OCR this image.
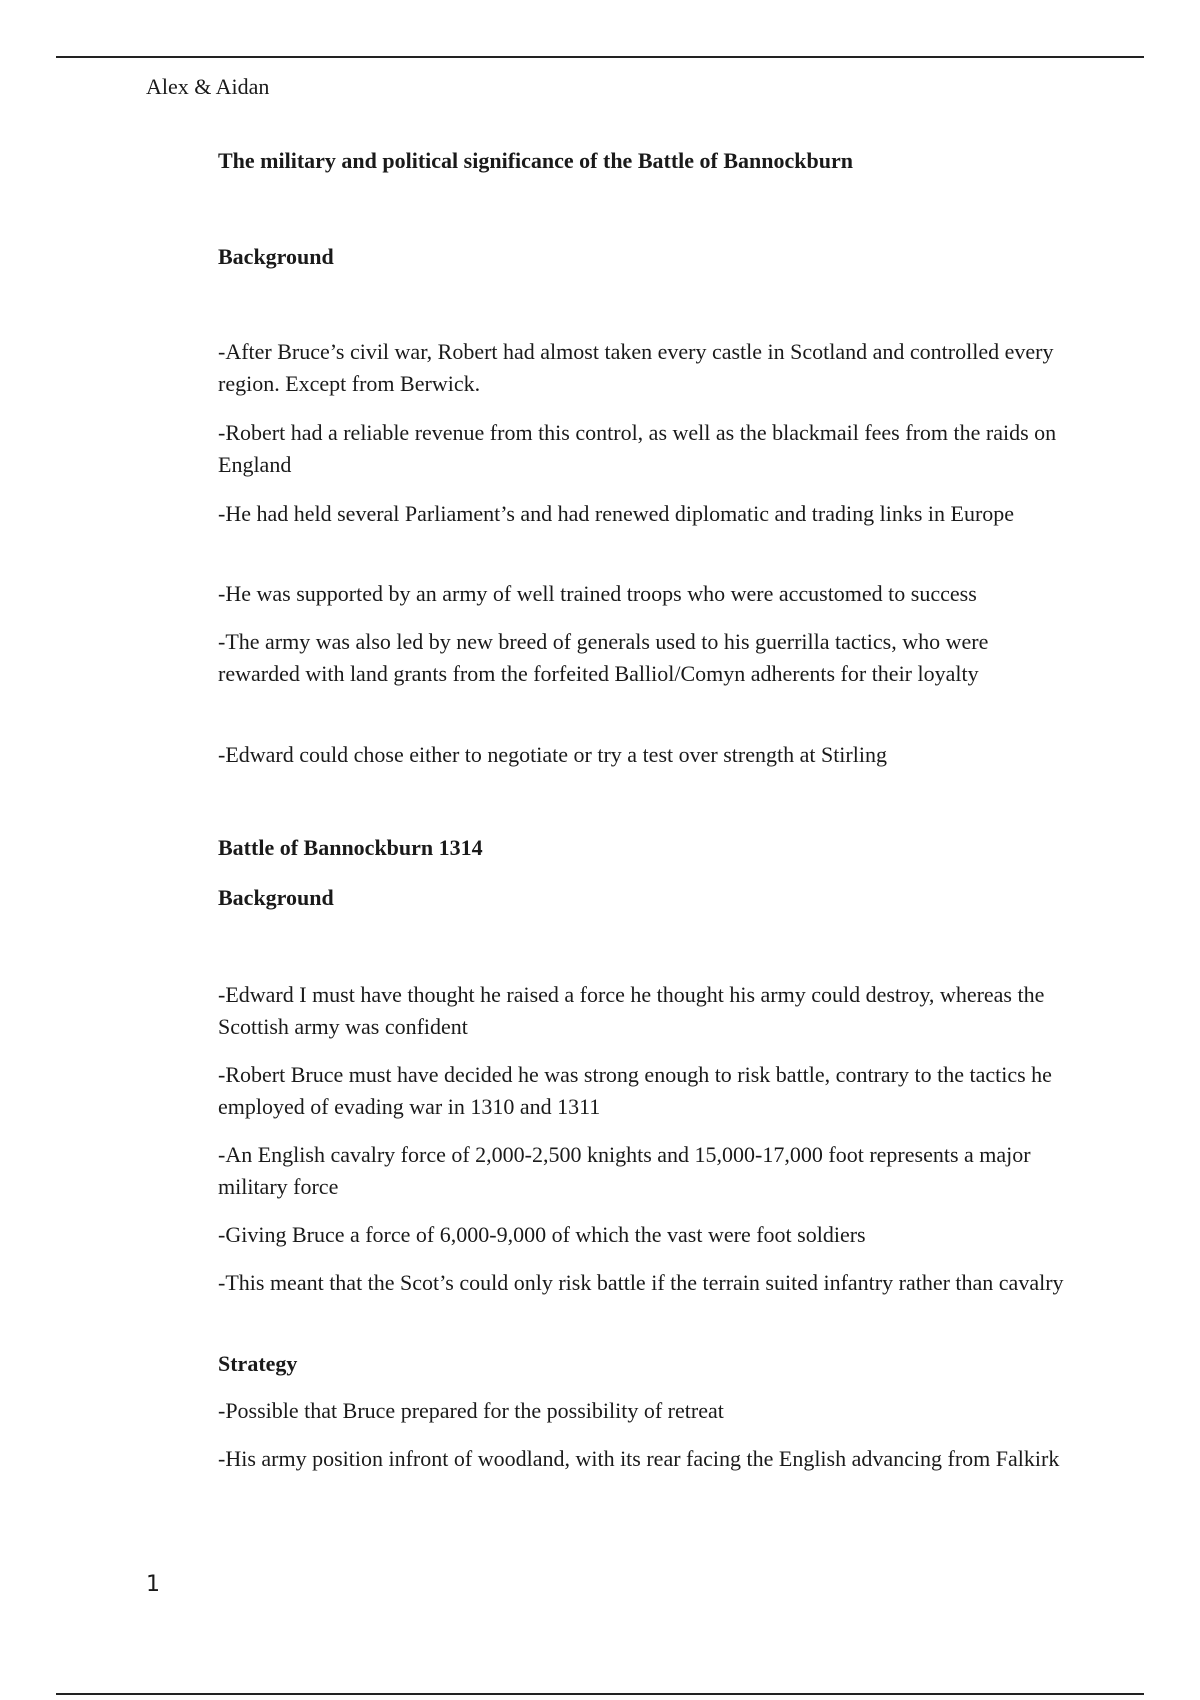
Alex & Aidan

The military and political significance of the Battle of Bannockburn
Background

-After Bruce’s civil war, Robert had almost taken every castle in Scotland and controlled every region. Except from Berwick.

-Robert had a reliable revenue from this control, as well as the blackmail fees from the raids on England

-He had held several Parliament’s and had renewed diplomatic and trading links in Europe

-He was supported by an army of well trained troops who were accustomed to success

-The army was also led by new breed of generals used to his guerrilla tactics, who were rewarded with land grants from the forfeited Balliol/Comyn adherents for their loyalty

-Edward could chose either to negotiate or try a test over strength at Stirling

Battle of Bannockburn 1314
Background

-Edward I must have thought he raised a force he thought his army could destroy, whereas the Scottish army was confident

-Robert Bruce must have decided he was strong enough to risk battle, contrary to the tactics he employed of evading war in 1310 and 1311

-An English cavalry force of 2,000-2,500 knights and 15,000-17,000 foot represents a major military force

-Giving Bruce a force of 6,000-9,000 of which the vast were foot soldiers

-This meant that the Scot’s could only risk battle if the terrain suited infantry rather than cavalry

Strategy

-Possible that Bruce prepared for the possibility of retreat

-His army position infront of woodland, with its rear facing the English advancing from Falkirk

1
